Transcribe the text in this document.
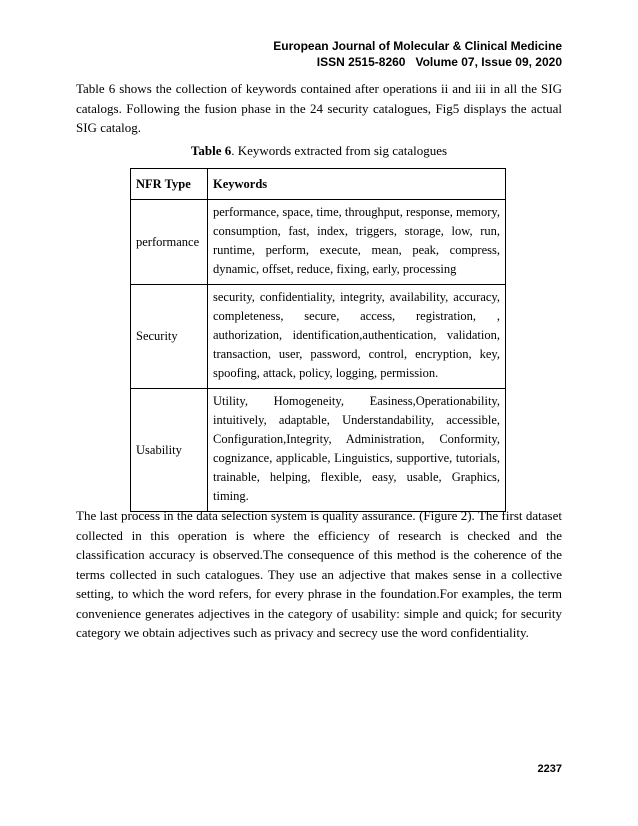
European Journal of Molecular & Clinical Medicine
ISSN 2515-8260 Volume 07, Issue 09, 2020

Table 6 shows the collection of keywords contained after operations ii and iii in all the SIG catalogs. Following the fusion phase in the 24 security catalogues, Fig5 displays the actual SIG catalog.

Table 6. Keywords extracted from sig catalogues
NFR Type	Keywords
performance	performance, space, time, throughput, response, memory, consumption, fast, index, triggers, storage, low, run, runtime, perform, execute, mean, peak, compress, dynamic, offset, reduce, fixing, early, processing
Security	security, confidentiality, integrity, availability, accuracy, completeness, secure, access, registration, , authorization, identification,authentication, validation, transaction, user, password, control, encryption, key, spoofing, attack, policy, logging, permission.
Usability	Utility, Homogeneity, Easiness,Operationability, intuitively, adaptable, Understandability, accessible, Configuration,Integrity, Administration, Conformity, cognizance, applicable, Linguistics, supportive, tutorials, trainable, helping, flexible, easy, usable, Graphics, timing.

The last process in the data selection system is quality assurance. (Figure 2). The first dataset collected in this operation is where the efficiency of research is checked and the classification accuracy is observed.The consequence of this method is the coherence of the terms collected in such catalogues. They use an adjective that makes sense in a collective setting, to which the word refers, for every phrase in the foundation.For examples, the term convenience generates adjectives in the category of usability: simple and quick; for security category we obtain adjectives such as privacy and secrecy use the word confidentiality.

2237
